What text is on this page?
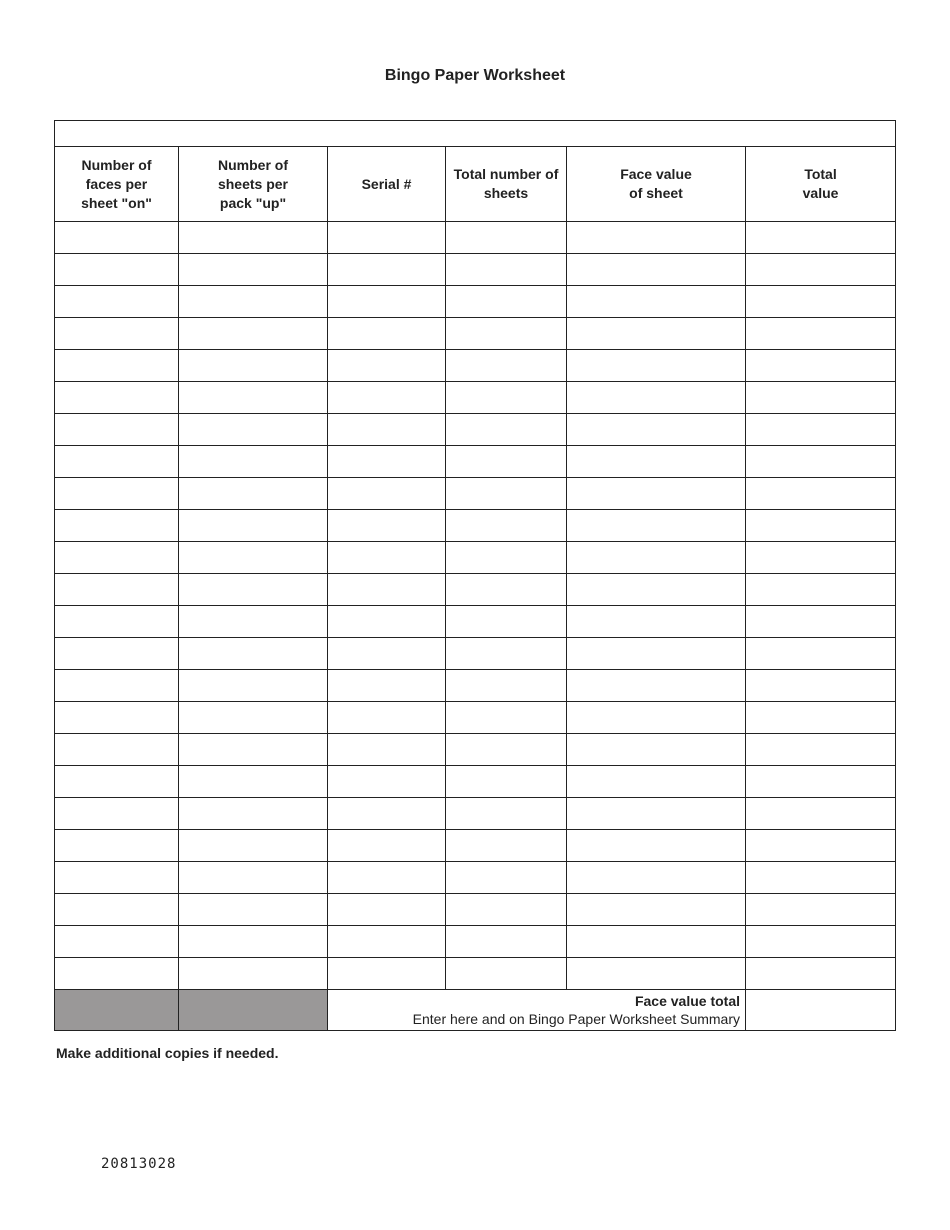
Bingo Paper Worksheet

Number of faces per sheet "on"	Number of sheets per pack "up"	Serial #	Total number of sheets	Face value of sheet	Total value

		Face value total
Enter here and on Bingo Paper Worksheet Summary			
Make additional copies if needed.
20813028
